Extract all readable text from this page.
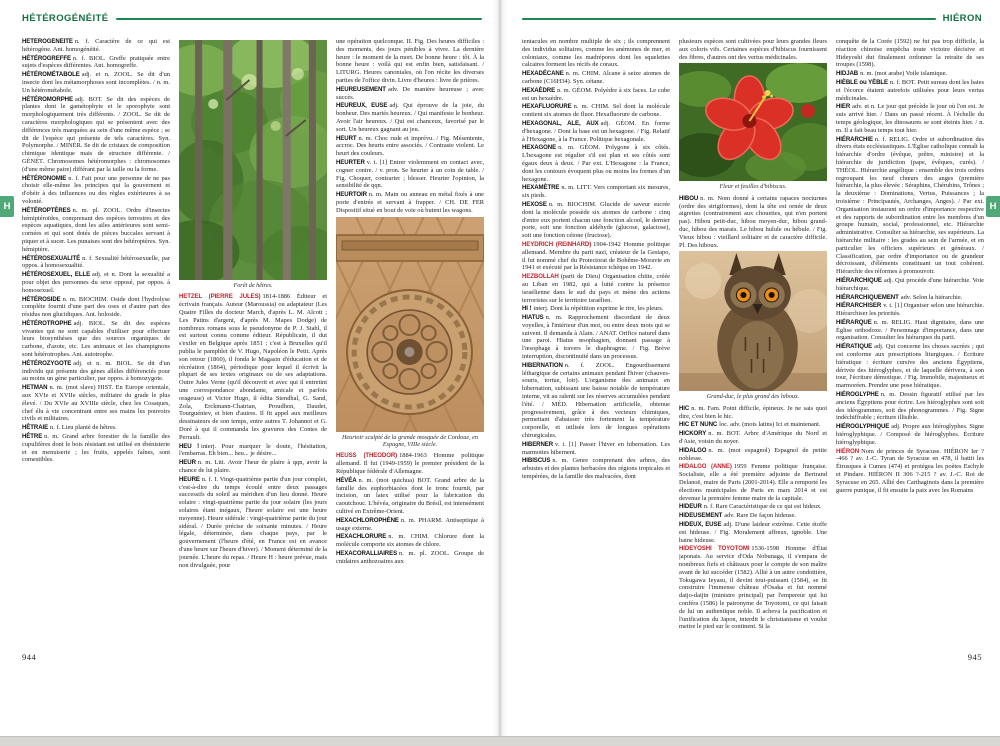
HÉTÉROGÉNÉITÉ

HÉTÉROGÉNÉITÉ n. f. Caractère de ce qui est hétérogène. Ant. homogénéité.

HÉTÉROGREFFE n. f. BIOL. Greffe pratiquée entre sujets d'espèces différentes. Ant. homogreffe.

HÉTÉROMÉTABOLE adj. et n. ZOOL. Se dit d'un insecte dont les métamorphoses sont incomplètes. / n. m. Un hétérométabole.

HÉTÉROMORPHE adj. BOT. Se dit des espèces de plantes dont le gamétophyte et le sporophyte sont morphologiquement très différents. / ZOOL. Se dit de caractères morphologiques qui se présentent avec des différences très marquées au sein d'une même espèce ; se dit de l'espèce qui présente de tels caractères. Syn. Polymorphe. / MINÉR. Se dit de cristaux de composition chimique identique mais de structure différente. / GÉNÉT. Chromosomes hétéromorphes : chromosomes (d'une même paire) différant par la taille ou la forme.

HÉTÉRONOMIE n. f. Fait pour une personne de ne pas choisir elle-même les principes qui la gouvernent et d'obéir à des influences ou des règles extérieures à sa volonté.

HÉTÉROPTÈRES n. m. pl. ZOOL. Ordre d'insectes hémiptéroïdes, comprenant des espèces terrestres et des espèces aquatiques, dont les ailes antérieures sont semi-cornées et qui sont dotés de pièces buccales servant à piquer et à sucer. Les punaises sont des hétéroptères. Syn. hémiptère.

HÉTÉROSEXUALITÉ n. f. Sexualité hétérosexuelle, par oppos. à homosexualité.

HÉTÉROSEXUEL, ELLE adj. et n. Dont la sexualité a pour objet des personnes du sexe opposé, par oppos. à homosexuel.

HÉTÉROSIDE n. m. BIOCHIM. Oside dont l'hydrolyse complète fournit d'une part des oses et d'autre part des résidus non glucidiques. Ant. holoside.

HÉTÉROTROPHE adj. BIOL. Se dit des espèces vivantes qui ne sont capables d'utiliser pour effectuer leurs biosynthèses que des sources organiques de carbone, d'azote, etc. Les animaux et les champignons sont hétérotrophes. Ant. autotrophe.

HÉTÉROZYGOTE adj. et n. m. BIOL. Se dit d'un individu qui présente des gènes allèles différenciés pour au moins un gène particulier, par oppos. à homozygote.

HETMAN n. m. (mot slave) HIST. En Europe orientale, aux XVIe et XVIIe siècles, militaire du grade le plus élevé. / Du XVIe au XVIIIe siècle, chez les Cosaques, chef élu à vie concentrant entre ses mains les pouvoirs civils et militaires.

HÊTRAIE n. f. Lieu planté de hêtres.

HÊTRE n. m. Grand arbre forestier de la famille des cupulifères dont le bois résistant est utilisé en ébénisterie et en menuiserie ; les fruits, appelés faînes, sont comestibles.

Forêt de hêtres.

HETZEL (PIERRE JULES) 1814-1886 Éditeur et écrivain français. Auteur (Maroussia) ou adaptateur (Les Quatre Filles du docteur March, d'après L. M. Alcott ; Les Patins d'argent, d'après M. Mapes Dodge) de nombreux romans sous le pseudonyme de P. J. Stahl, il est surtout connu comme éditeur. Républicain, il dut s'exiler en Belgique après 1851 ; c'est à Bruxelles qu'il publia le pamphlet de V. Hugo, Napoléon le Petit. Après son retour (1860), il fonda le Magasin d'éducation et de récréation (1864), périodique pour lequel il écrivit la plupart de ses textes originaux ou de ses adaptations. Outre Jules Verne (qu'il découvrit et avec qui il entretint une correspondance abondante, amicale et parfois orageuse) et Victor Hugo, il édita Stendhal, G. Sand, Zola, Erckmann-Chatrian, Proudhon, Daudet, Tourguéniev, et bien d'autres. Il fit appel aux meilleurs dessinateurs de son temps, entre autres T. Johannot et G. Doré à qui il commanda les gravures des Contes de Perrault.

HEU ! interj. Pour marquer le doute, l'hésitation, l'embarras. Eh bien... heu... je désire...

HEUR n. m. Litt. Avoir l'heur de plaire à qqn, avoir la chance de lui plaire.

HEURE n. f. I. Vingt-quatrième partie d'un jour complet, c'est-à-dire du temps écoulé entre deux passages successifs du soleil au méridien d'un lieu donné. Heure solaire : vingt-quatrième partie du jour solaire (les jours solaires étant inégaux, l'heure solaire est une heure moyenne). Heure sidérale : vingt-quatrième partie du jour sidéral. / Durée précise de soixante minutes. / Heure légale, déterminée, dans chaque pays, par le gouvernement (l'heure d'été, en France est en avance d'une heure sur l'heure d'hiver). / Moment déterminé de la journée. L'heure du repas. / Heure H : heure prévue, mais non divulguée, pour

une opération quelconque. II. Fig. Des heures difficiles : des moments, des jours pénibles à vivre. La dernière heure : le moment de la mort. De bonne heure : tôt. À la bonne heure : voilà qui est enfin bien, satisfaisant. / LITURG. Heures canoniales, où l'on récite les diverses parties de l'office divin. Livre d'heures : livre de prières.

HEUREUSEMENT adv. De manière heureuse ; avec succès.

HEUREUX, EUSE adj. Qui éprouve de la joie, du bonheur. Des mariés heureux. / Qui manifeste le bonheur. Avoir l'air heureux. / Qui est chanceux, favorisé par le sort. Un heureux gagnant au jeu.

HEURT n. m. Choc rude et imprévu. / Fig. Mésentente, accroc. Des heurts entre associés. / Contraste violent. Le heurt des couleurs.

HEURTER v. t. [1] Entrer violemment en contact avec, cogner contre. / v. pron. Se heurter à un coin de table. / Fig. Choquer, contrarier ; blesser. Heurter l'opinion, la sensibilité de qqn.

HEURTOIR n. m. Main ou anneau en métal fixés à une porte d'entrée et servant à frapper. / CH. DE FER Dispositif situé en bout de voie où butent les wagons.

Heurtoir sculpté de la grande mosquée de Cordoue, en Espagne, VIIIe siècle.

HEUSS (THEODOR) 1884-1963 Homme politique allemand. Il fut (1949-1959) le premier président de la République fédérale d'Allemagne.

HÉVÉA n. m. (mot quichua) BOT. Grand arbre de la famille des euphorbiacées dont le tronc fournit, par incision, un latex utilisé pour la fabrication du caoutchouc. L'hévéa, originaire du Brésil, est intensément cultivé en Extrême-Orient.

HEXACHLOROPHÈNE n. m. PHARM. Antiseptique à usage externe.

HEXACHLORURE n. m. CHIM. Chlorure dont la molécule comporte six atomes de chlore.

HEXACORALLIAIRES n. m. pl. ZOOL. Groupe de cnidaires anthozoaires aux

944
HIÉRON

tentacules en nombre multiple de six ; ils comprennent des individus solitaires, comme les anémones de mer, et coloniaux, comme les madrépores dont les squelettes calcaires forment les récifs de coraux.

HEXADÉCANE n. m. CHIM. Alcane à seize atomes de carbone (C16H34). Syn. cétane.

HEXAÈDRE n. m. GÉOM. Polyèdre à six faces. Le cube est un hexaèdre.

HEXAFLUORURE n. m. CHIM. Sel dont la molécule contient six atomes de fluor. Hexafluorure de carbone.

HEXAGONAL, ALE, AUX adj. GÉOM. En forme d'hexagone. / Dont la base est un hexagone. / Fig. Relatif à l'Hexagone, à la France. Politique hexagonale.

HEXAGONE n. m. GÉOM. Polygone à six côtés. L'hexagone est régulier s'il est plan et ses côtés sont égaux deux à deux. / Par ext. L'Hexagone : la France, dont les contours évoquent plus ou moins les formes d'un hexagone.

HEXAMÈTRE n. m. LITT. Vers comportant six mesures, six pieds.

HEXOSE n. m. BIOCHIM. Glucide de saveur sucrée dont la molécule possède six atomes de carbone : cinq d'entre eux portent chacun une fonction alcool, le dernier porte, soit une fonction aldéhyde (glucose, galactose), soit une fonction cétone (fructose).

HEYDRICH (REINHARD) 1904-1942 Homme politique allemand. Membre du parti nazi, créateur de la Gestapo, il fut nommé chef du Protectorat de Bohême-Moravie en 1941 et exécuté par la Résistance tchèque en 1942.

HEZBOLLAH (parti de Dieu) Organisation chiite, créée au Liban en 1982, qui a lutté contre la présence israélienne dans le sud du pays et mène des actions terroristes sur le territoire israélien.

HI ! interj. Dont la répétition exprime le rire, les pleurs.

HIATUS n. m. Rapprochement discordant de deux voyelles, à l'intérieur d'un mot, ou entre deux mots qui se suivent. Il demanda à Alain. / ANAT. Orifice naturel dans une paroi. Hiatus œsophagien, donnant passage à l'œsophage à travers le diaphragme. / Fig. Brève interruption, discontinuité dans un processus.

HIBERNATION n. f. ZOOL. Engourdissement léthargique de certains animaux pendant l'hiver (chauves-souris, tortue, loir). L'organisme des animaux en hibernation, subissant une baisse notable de température interne, vit au ralenti sur les réserves accumulées pendant l'été. / MÉD. Hibernation artificielle, obtenue progressivement, grâce à des vecteurs chimiques, permettant d'abaisser très fortement la température corporelle, et utilisée lors de longues opérations chirurgicales.

HIBERNER v. i. [1] Passer l'hiver en hibernation. Les marmottes hibernent.

HIBISCUS n. m. Genre comprenant des arbres, des arbustes et des plantes herbacées des régions tropicales et tempérées, de la famille des malvacées, dont

plusieurs espèces sont cultivées pour leurs grandes fleurs aux coloris vifs. Certaines espèces d'hibiscus fournissent des fibres, d'autres ont des vertus médicinales.

Fleur et feuilles d'hibiscus.

HIBOU n. m. Nom donné à certains rapaces nocturnes (ordre des strigiformes), dont la tête est ornée de deux aigrettes (contrairement aux chouettes, qui n'en portent pas). Hibou petit-duc, hibou moyen-duc, hibou grand-duc, hibou des marais. Le hibou hulule ou hébule. / Fig. Vieux hibou : vieillard solitaire et de caractère difficile. Pl. Des hiboux.

Grand-duc, le plus grand des hiboux.

HIC n. m. Fam. Point difficile, épineux. Je ne sais quoi dire, c'est bien le hic.

HIC ET NUNC loc. adv. (mots latins) Ici et maintenant.

HICKORY n. m. BOT. Arbre d'Amérique du Nord et d'Asie, voisin du noyer.

HIDALGO n. m. (mot espagnol) Espagnol de petite noblesse.

HIDALGO (ANNE) 1959 Femme politique française. Socialiste, elle a été première adjointe de Bertrand Delanoë, maire de Paris (2001-2014). Elle a remporté les élections municipales de Paris en mars 2014 et est devenue la première femme maire de la capitale.

HIDEUR n. f. Rare Caractéristique de ce qui est hideux.

HIDEUSEMENT adv. Rare De façon hideuse.

HIDEUX, EUSE adj. D'une laideur extrême. Cette étoffe est hideuse. / Fig. Moralement affreux, ignoble. Une haine hideuse.

HIDEYOSHI TOYOTOMI 1536-1598 Homme d'État japonais. Au service d'Oda Nobunaga, il s'empara de nombreux fiefs et châteaux pour le compte de son maître avant de lui succéder (1582). Allié à un autre condottière, Tokugawa Ieyasu, il devint tout-puissant (1584), se fit construire l'immense château d'Osaka et fut nommé daijo-daijin (ministre principal) par l'empereur qui lui conféra (1586) le patronyme de Toyotomi, ce qui faisait de lui un authentique noble. Il acheva la pacification et l'unification du Japon, interdit le christianisme et voulut mettre le pied sur le continent. Si la

conquête de la Corée (1592) ne fut pas trop difficile, la réaction chinoise empêcha toute victoire décisive et Hideyoshi dut finalement ordonner la retraite de ses troupes (1598).

HIDJAB n. m. (mot arabe) Voile islamique.

HIÈBLE ou YÈBLE n. f. BOT. Petit sureau dont les baies et l'écorce étaient autrefois utilisées pour leurs vertus médicinales.

HIER adv. et n. Le jour qui précède le jour où l'on est. Je suis arrivé hier. / Dans un passé récent. À l'échelle du temps géologique, les dinosaures se sont éteints hier. / n. m. Il a fait beau temps tout hier.

HIÉRARCHIE n. f. RELIG. Ordre et subordination des divers états ecclésiastiques. L'Église catholique connaît la hiérarchie d'ordre (évêque, prêtre, ministre) et la hiérarchie de juridiction (pape, évêques, curés). / THÉOL. Hiérarchie angélique : ensemble des trois ordres regroupant les neuf chœurs des anges (première hiérarchie, la plus élevée : Séraphins, Chérubins, Trônes ; la deuxième : Dominations, Vertus, Puissances ; la troisième : Principautés, Archanges, Anges). / Par ext. Organisation instaurant un ordre d'importance respective et des rapports de subordination entre les membres d'un groupe humain, social, professionnel, etc. Hiérarchie administrative. Consulter sa hiérarchie, ses supérieurs. La hiérarchie militaire : les grades au sein de l'armée, et en particulier les officiers supérieurs et généraux. / Classification, par ordre d'importance ou de grandeur décroissant, d'éléments constituant un tout cohérent. Hiérarchie des réformes à promouvoir.

HIÉRARCHIQUE adj. Qui procède d'une hiérarchie. Voie hiérarchique.

HIÉRARCHIQUEMENT adv. Selon la hiérarchie.

HIÉRARCHISER v. t. [1] Organiser selon une hiérarchie. Hiérarchiser les priorités.

HIÉRARQUE n. m. RELIG. Haut dignitaire, dans une Église orthodoxe. / Personnage d'importance, dans une organisation. Consulter les hiérarques du parti.

HIÉRATIQUE adj. Qui concerne les choses sacrées ; qui est conforme aux prescriptions liturgiques. / Écriture hiératique : écriture cursive des anciens Égyptiens, dérivée des hiéroglyphes, et de laquelle dérivera, à son tour, l'écriture démotique. / Fig. Immobile, majestueux et marmoréen. Prendre une pose hiératique.

HIÉROGLYPHE n. m. Dessin figuratif utilisé par les anciens Égyptiens pour écrire. Les hiéroglyphes sont soit des idéogrammes, soit des phonogrammes. / Fig. Signe indéchiffrable ; écriture illisible.

HIÉROGLYPHIQUE adj. Propre aux hiéroglyphes. Signe hiéroglyphique. / Composé de hiéroglyphes. Écriture hiéroglyphique.

HIÉRON Nom de princes de Syracuse. HIÉRON Ier ?-466 ? av. J.-C. Tyran de Syracuse en 478, il battit les Étrusques à Cumes (474) et protégea les poètes Eschyle et Pindare. HIÉRON II 306 ?-215 ? av. J.-C. Roi de Syracuse en 265. Allié des Carthaginois dans la première guerre punique, il fit ensuite la paix avec les Romains

945
H	H
